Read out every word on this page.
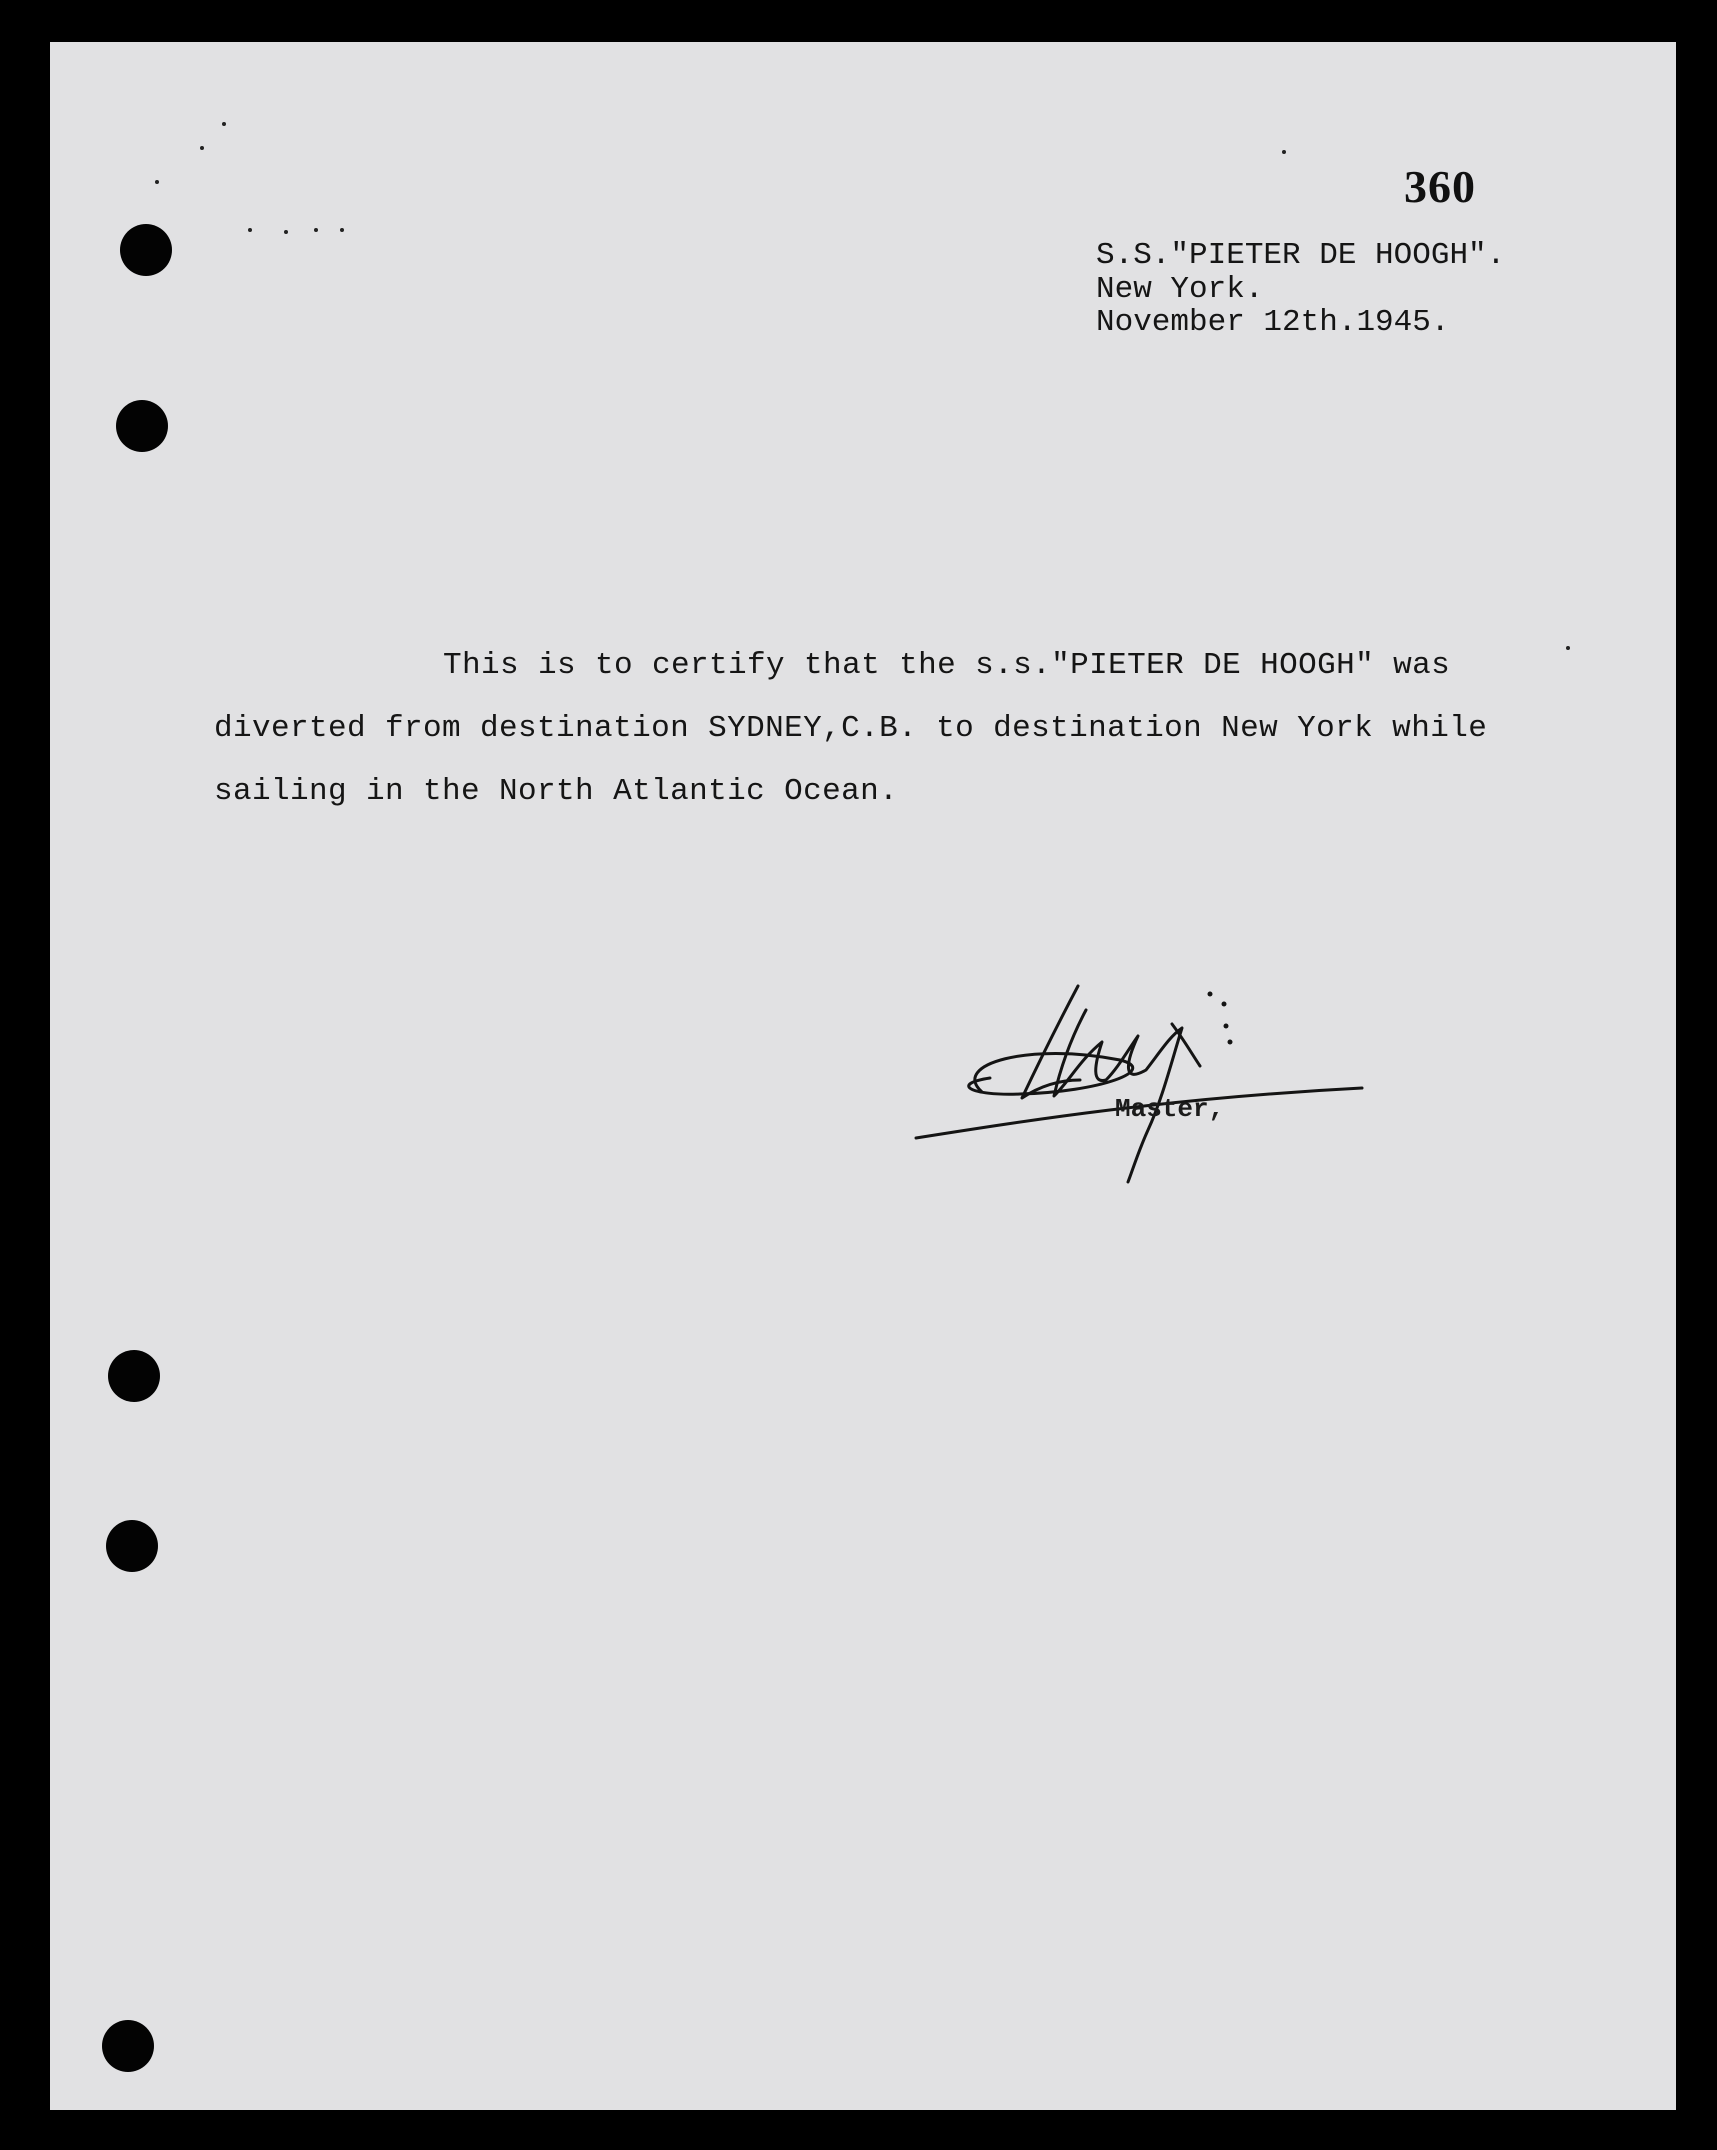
360
S.S."PIETER DE HOOGH".
New York.
November 12th.1945.
This is to certify that the s.s."PIETER DE HOOGH" was
diverted from destination SYDNEY,C.B. to destination New York while
sailing in the North Atlantic Ocean.
Master,
